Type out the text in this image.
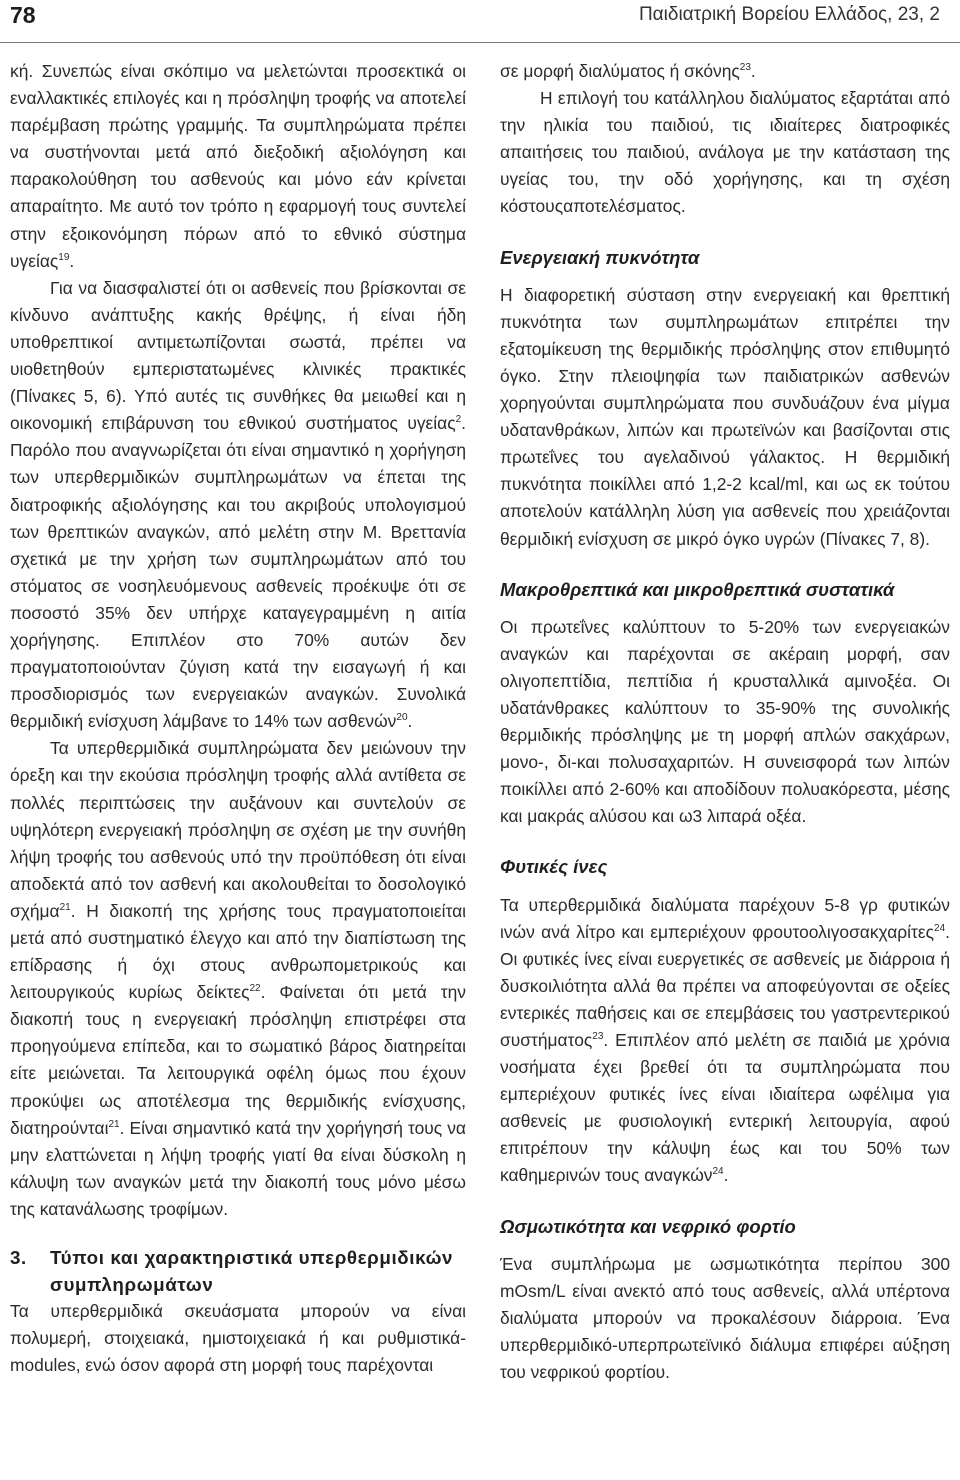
78	Παιδιατρική Βορείου Ελλάδος, 23, 2

κή. Συνεπώς είναι σκόπιμο να μελετώνται προσεκτικά οι εναλλακτικές επιλογές και η πρόσληψη τροφής να αποτελεί παρέμβαση πρώτης γραμμής. Τα συμπληρώματα πρέπει να συστήνονται μετά από διεξοδική αξιολόγηση και παρακολούθηση του ασθενούς και μόνο εάν κρίνεται απαραίτητο. Με αυτό τον τρόπο η εφαρμογή τους συντελεί στην εξοικονόμηση πόρων από το εθνικό σύστημα υγείας$^{19}$.

Για να διασφαλιστεί ότι οι ασθενείς που βρίσκονται σε κίνδυνο ανάπτυξης κακής θρέψης, ή είναι ήδη υποθρεπτικοί αντιμετωπίζονται σωστά, πρέπει να υιοθετηθούν εμπεριστατωμένες κλινικές πρακτικές (Πίνακες 5, 6). Υπό αυτές τις συνθήκες θα μειωθεί και η οικονομική επιβάρυνση του εθνικού συστήματος υγείας$^2$. Παρόλο που αναγνωρίζεται ότι είναι σημαντικό η χορήγηση των υπερθερμιδικών συμπληρωμάτων να έπεται της διατροφικής αξιολόγησης και του ακριβούς υπολογισμού των θρεπτικών αναγκών, από μελέτη στην Μ. Βρεττανία σχετικά με την χρήση των συμπληρωμάτων από του στόματος σε νοσηλευόμενους ασθενείς προέκυψε ότι σε ποσοστό 35% δεν υπήρχε καταγεγραμμένη η αιτία χορήγησης. Επιπλέον στο 70% αυτών δεν πραγματοποιούνταν ζύγιση κατά την εισαγωγή ή και προσδιορισμός των ενεργειακών αναγκών. Συνολικά θερμιδική ενίσχυση λάμβανε το 14% των ασθενών$^{20}$.

Τα υπερθερμιδικά συμπληρώματα δεν μειώνουν την όρεξη και την εκούσια πρόσληψη τροφής αλλά αντίθετα σε πολλές περιπτώσεις την αυξάνουν και συντελούν σε υψηλότερη ενεργειακή πρόσληψη σε σχέση με την συνήθη λήψη τροφής του ασθενούς υπό την προϋπόθεση ότι είναι αποδεκτά από τον ασθενή και ακολουθείται το δοσολογικό σχήμα$^{21}$. Η διακοπή της χρήσης τους πραγματοποιείται μετά από συστηματικό έλεγχο και από την διαπίστωση της επίδρασης ή όχι στους ανθρωπομετρικούς και λειτουργικούς κυρίως δείκτες$^{22}$. Φαίνεται ότι μετά την διακοπή τους η ενεργειακή πρόσληψη επιστρέφει στα προηγούμενα επίπεδα, και το σωματικό βάρος διατηρείται είτε μειώνεται. Τα λειτουργικά οφέλη όμως που έχουν προκύψει ως αποτέλεσμα της θερμιδικής ενίσχυσης, διατηρούνται$^{21}$. Είναι σημαντικό κατά την χορήγησή τους να μην ελαττώνεται η λήψη τροφής γιατί θα είναι δύσκολη η κάλυψη των αναγκών μετά την διακοπή τους μόνο μέσω της κατανάλωσης τροφίμων.

3.	Τύποι και χαρακτηριστικά υπερθερμιδικών συμπληρωμάτων

Τα υπερθερμιδικά σκευάσματα μπορούν να είναι πολυμερή, στοιχειακά, ημιστοιχειακά ή και ρυθμιστικά-modules, ενώ όσον αφορά στη μορφή τους παρέχονται

σε μορφή διαλύματος ή σκόνης$^{23}$.

Η επιλογή του κατάλληλου διαλύματος εξαρτάται από την ηλικία του παιδιού, τις ιδιαίτερες διατροφικές απαιτήσεις του παιδιού, ανάλογα με την κατάσταση της υγείας του, την οδό χορήγησης, και τη σχέση κόστουςαποτελέσματος.

Ενεργειακή πυκνότητα

Η διαφορετική σύσταση στην ενεργειακή και θρεπτική πυκνότητα των συμπληρωμάτων επιτρέπει την εξατομίκευση της θερμιδικής πρόσληψης στον επιθυμητό όγκο. Στην πλειοψηφία των παιδιατρικών ασθενών χορηγούνται συμπληρώματα που συνδυάζουν ένα μίγμα υδατανθράκων, λιπών και πρωτεϊνών και βασίζονται στις πρωτεΐνες του αγελαδινού γάλακτος. Η θερμιδική πυκνότητα ποικίλλει από 1,2-2 kcal/ml, και ως εκ τούτου αποτελούν κατάλληλη λύση για ασθενείς που χρειάζονται θερμιδική ενίσχυση σε μικρό όγκο υγρών (Πίνακες 7, 8).

Μακροθρεπτικά και μικροθρεπτικά συστατικά

Οι πρωτεΐνες καλύπτουν το 5-20% των ενεργειακών αναγκών και παρέχονται σε ακέραιη μορφή, σαν ολιγοπεπτίδια, πεπτίδια ή κρυσταλλικά αμινοξέα. Οι υδατάνθρακες καλύπτουν το 35-90% της συνολικής θερμιδικής πρόσληψης με τη μορφή απλών σακχάρων, μονο-, δι-και πολυσαχαριτών. Η συνεισφορά των λιπών ποικίλλει από 2-60% και αποδίδουν πολυακόρεστα, μέσης και μακράς αλύσου και ω3 λιπαρά οξέα.

Φυτικές ίνες

Τα υπερθερμιδικά διαλύματα παρέχουν 5-8 γρ φυτικών ινών ανά λίτρο και εμπεριέχουν φρουτοολιγοσακχαρίτες$^{24}$. Οι φυτικές ίνες είναι ευεργετικές σε ασθενείς με διάρροια ή δυσκοιλιότητα αλλά θα πρέπει να αποφεύγονται σε οξείες εντερικές παθήσεις και σε επεμβάσεις του γαστρεντερικού συστήματος$^{23}$. Επιπλέον από μελέτη σε παιδιά με χρόνια νοσήματα έχει βρεθεί ότι τα συμπληρώματα που εμπεριέχουν φυτικές ίνες είναι ιδιαίτερα ωφέλιμα για ασθενείς με φυσιολογική εντερική λειτουργία, αφού επιτρέπουν την κάλυψη έως και του 50% των καθημερινών τους αναγκών$^{24}$.

Ωσμωτικότητα και νεφρικό φορτίο

Ένα συμπλήρωμα με ωσμωτικότητα περίπου 300 mOsm/L είναι ανεκτό από τους ασθενείς, αλλά υπέρτονα διαλύματα μπορούν να προκαλέσουν διάρροια. Ένα υπερθερμιδικό-υπερπρωτεϊνικό διάλυμα επιφέρει αύξηση του νεφρικού φορτίου.
